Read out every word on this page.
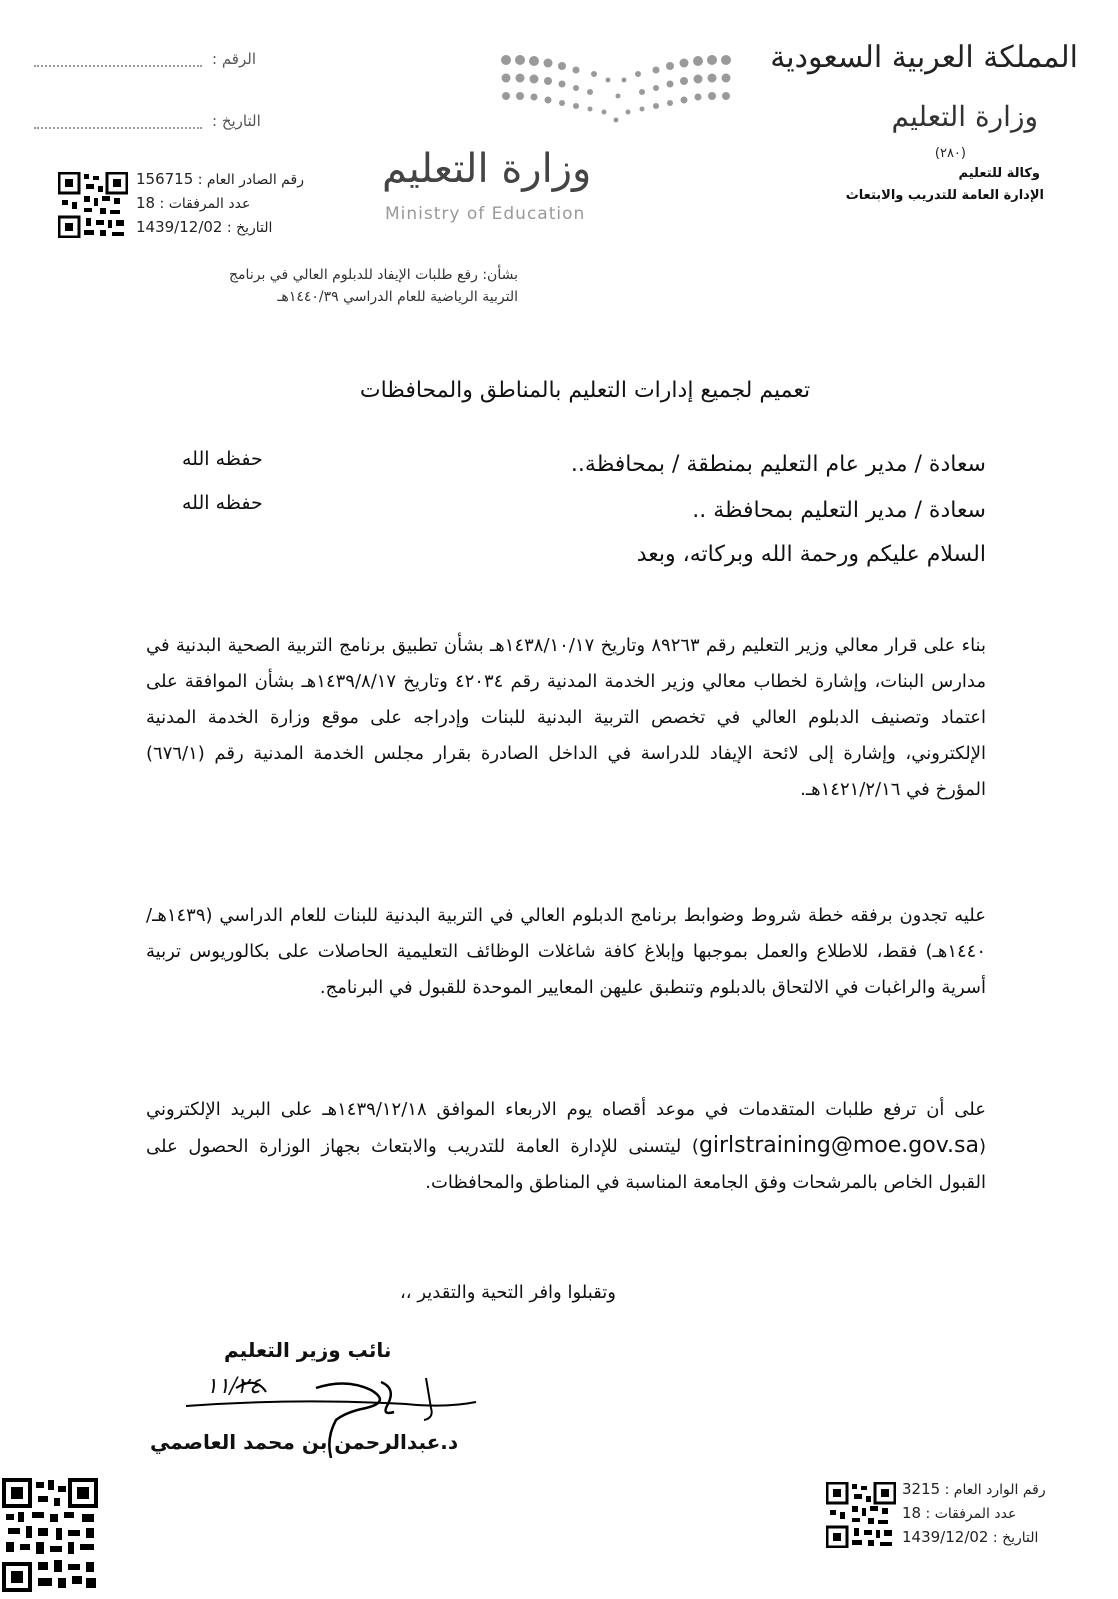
المملكة العربية السعودية
وزارة التعليم
(٢٨٠)
وكالة للتعليم
الإدارة العامة للتدريب والابتعاث
وزارة التعليم
Ministry of Education
الرقم :
التاريخ :
رقم الصادر العام : 156715
عدد المرفقات : 18
التاريخ : 1439/12/02
بشأن: رفع طلبات الإيفاد للدبلوم العالي في برنامج
التربية الرياضية للعام الدراسي ١٤٤٠/٣٩هـ
تعميم لجميع إدارات التعليم بالمناطق والمحافظات
سعادة / مدير عام التعليم بمنطقة / بمحافظة..
حفظه الله
سعادة / مدير التعليم بمحافظة ..
حفظه الله
السلام عليكم ورحمة الله وبركاته، وبعد
بناء على قرار معالي وزير التعليم رقم ٨٩٢٦٣ وتاريخ ١٤٣٨/١٠/١٧هـ بشأن تطبيق برنامج التربية الصحية البدنية في مدارس البنات، وإشارة لخطاب معالي وزير الخدمة المدنية رقم ٤٢٠٣٤ وتاريخ ١٤٣٩/٨/١٧هـ بشأن الموافقة على اعتماد وتصنيف الدبلوم العالي في تخصص التربية البدنية للبنات وإدراجه على موقع وزارة الخدمة المدنية الإلكتروني، وإشارة إلى لائحة الإيفاد للدراسة في الداخل الصادرة بقرار مجلس الخدمة المدنية رقم (٦٧٦/١) المؤرخ في ١٤٢١/٢/١٦هـ.
عليه تجدون برفقه خطة شروط وضوابط برنامج الدبلوم العالي في التربية البدنية للبنات للعام الدراسي (١٤٣٩هـ/ ١٤٤٠هـ) فقط، للاطلاع والعمل بموجبها وإبلاغ كافة شاغلات الوظائف التعليمية الحاصلات على بكالوريوس تربية أسرية والراغبات في الالتحاق بالدبلوم وتنطبق عليهن المعايير الموحدة للقبول في البرنامج.
على أن ترفع طلبات المتقدمات في موعد أقصاه يوم الاربعاء الموافق ١٤٣٩/١٢/١٨هـ على البريد الإلكتروني (girlstraining@moe.gov.sa) ليتسنى للإدارة العامة للتدريب والابتعاث بجهاز الوزارة الحصول على القبول الخاص بالمرشحات وفق الجامعة المناسبة في المناطق والمحافظات.
وتقبلوا وافر التحية والتقدير ،،
نائب وزير التعليم
١١/٢٤
د.عبدالرحمن بن محمد العاصمي
رقم الوارد العام : 3215
عدد المرفقات : 18
التاريخ : 1439/12/02
